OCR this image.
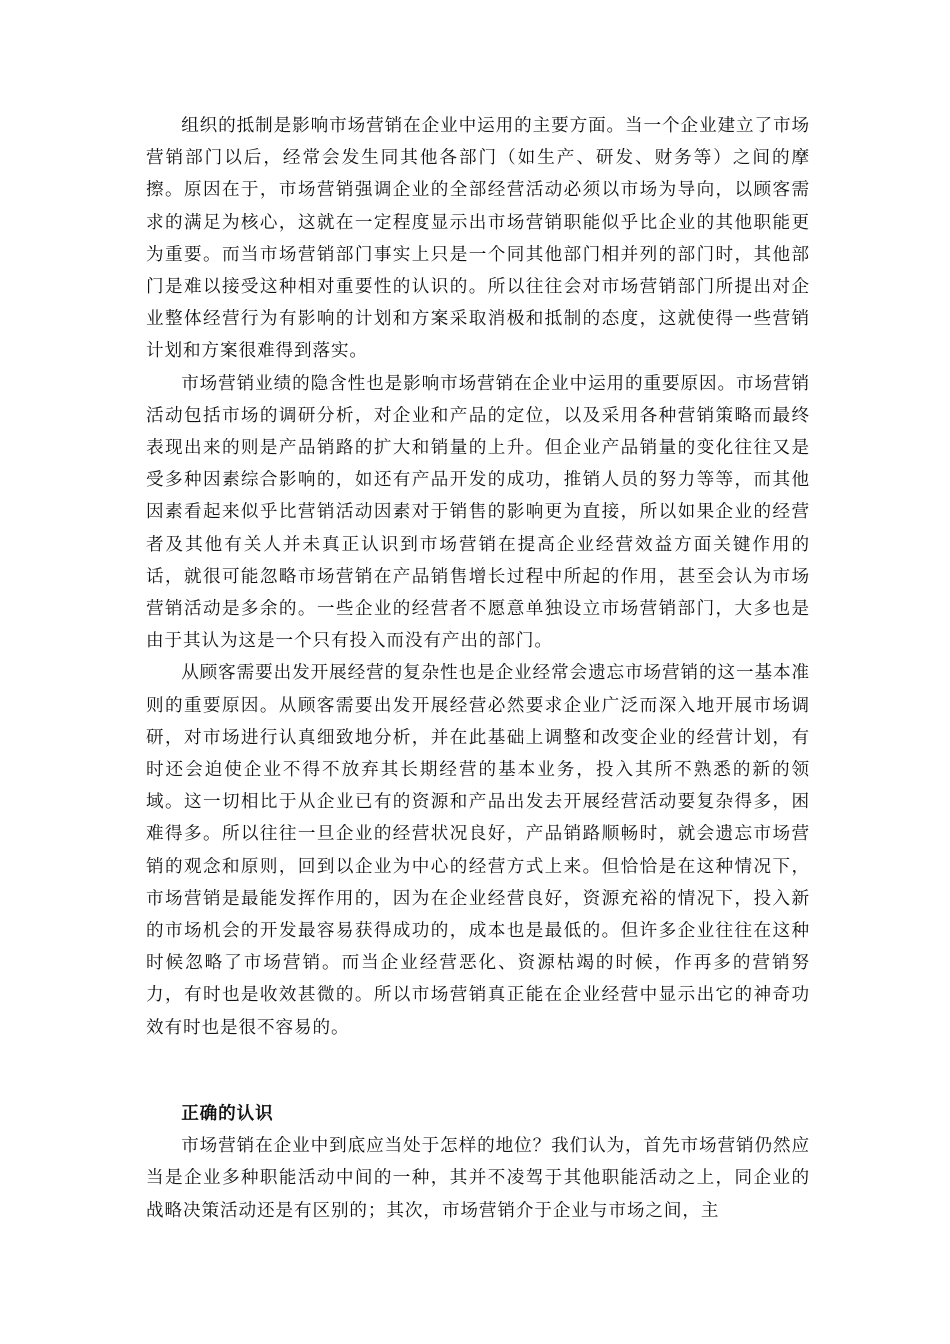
组织的抵制是影响市场营销在企业中运用的主要方面。当一个企业建立了市场营销部门以后，经常会发生同其他各部门（如生产、研发、财务等）之间的摩擦。原因在于，市场营销强调企业的全部经营活动必须以市场为导向，以顾客需求的满足为核心，这就在一定程度显示出市场营销职能似乎比企业的其他职能更为重要。而当市场营销部门事实上只是一个同其他部门相并列的部门时，其他部门是难以接受这种相对重要性的认识的。所以往往会对市场营销部门所提出对企业整体经营行为有影响的计划和方案采取消极和抵制的态度，这就使得一些营销计划和方案很难得到落实。

市场营销业绩的隐含性也是影响市场营销在企业中运用的重要原因。市场营销活动包括市场的调研分析，对企业和产品的定位，以及采用各种营销策略而最终表现出来的则是产品销路的扩大和销量的上升。但企业产品销量的变化往往又是受多种因素综合影响的，如还有产品开发的成功，推销人员的努力等等，而其他因素看起来似乎比营销活动因素对于销售的影响更为直接，所以如果企业的经营者及其他有关人并未真正认识到市场营销在提高企业经营效益方面关键作用的话，就很可能忽略市场营销在产品销售增长过程中所起的作用，甚至会认为市场营销活动是多余的。一些企业的经营者不愿意单独设立市场营销部门，大多也是由于其认为这是一个只有投入而没有产出的部门。

从顾客需要出发开展经营的复杂性也是企业经常会遗忘市场营销的这一基本准则的重要原因。从顾客需要出发开展经营必然要求企业广泛而深入地开展市场调研，对市场进行认真细致地分析，并在此基础上调整和改变企业的经营计划，有时还会迫使企业不得不放弃其长期经营的基本业务，投入其所不熟悉的新的领域。这一切相比于从企业已有的资源和产品出发去开展经营活动要复杂得多，困难得多。所以往往一旦企业的经营状况良好，产品销路顺畅时，就会遗忘市场营销的观念和原则，回到以企业为中心的经营方式上来。但恰恰是在这种情况下，市场营销是最能发挥作用的，因为在企业经营良好，资源充裕的情况下，投入新的市场机会的开发最容易获得成功的，成本也是最低的。但许多企业往往在这种时候忽略了市场营销。而当企业经营恶化、资源枯竭的时候，作再多的营销努力，有时也是收效甚微的。所以市场营销真正能在企业经营中显示出它的神奇功效有时也是很不容易的。

正确的认识

市场营销在企业中到底应当处于怎样的地位？我们认为，首先市场营销仍然应当是企业多种职能活动中间的一种，其并不凌驾于其他职能活动之上，同企业的战略决策活动还是有区别的；其次，市场营销介于企业与市场之间，主
